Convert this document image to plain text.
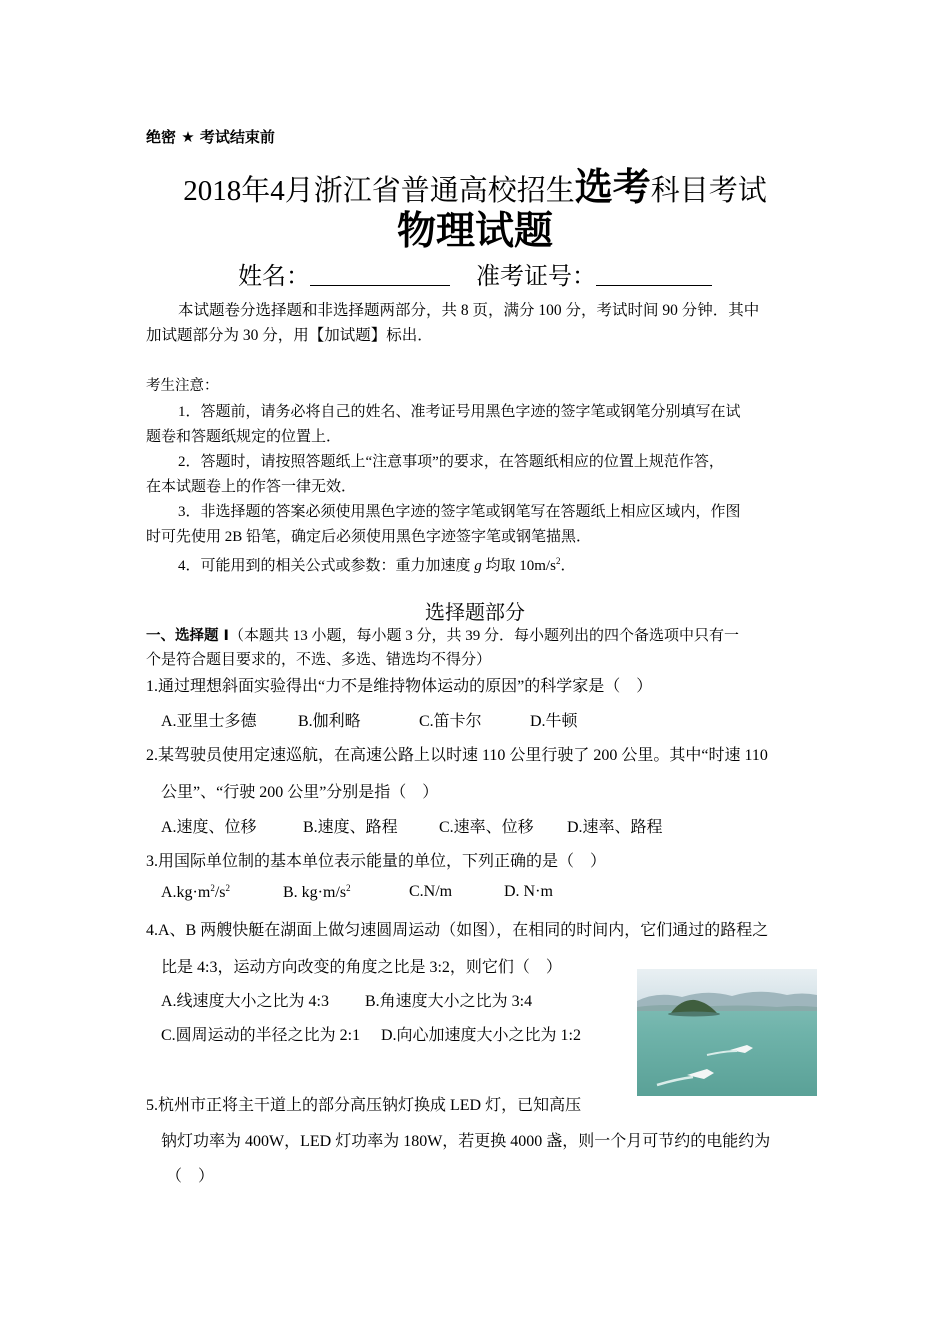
绝密 ★ 考试结束前
2018年4月浙江省普通高校招生选考科目考试
物理试题
姓名：	准考证号：
本试题卷分选择题和非选择题两部分，共 8 页，满分 100 分，考试时间 90 分钟．其中
加试题部分为 30 分，用【加试题】标出．
考生注意：
1．答题前，请务必将自己的姓名、准考证号用黑色字迹的签字笔或钢笔分别填写在试
题卷和答题纸规定的位置上．
2．答题时，请按照答题纸上“注意事项”的要求，在答题纸相应的位置上规范作答，
在本试题卷上的作答一律无效．
3．非选择题的答案必须使用黑色字迹的签字笔或钢笔写在答题纸上相应区域内，作图
时可先使用 2B 铅笔，确定后必须使用黑色字迹签字笔或钢笔描黑．
4．可能用到的相关公式或参数：重力加速度 g 均取 $10m/s^2$．
选择题部分
一、选择题 I（本题共 13 小题，每小题 3 分，共 39 分．每小题列出的四个备选项中只有一
个是符合题目要求的，不选、多选、错选均不得分）
1.通过理想斜面实验得出“力不是维持物体运动的原因”的科学家是（　）
A.亚里士多德	B.伽利略	C.笛卡尔	D.牛顿
2.某驾驶员使用定速巡航，在高速公路上以时速 110 公里行驶了 200 公里。其中“时速 110
公里”、“行驶 200 公里”分别是指（　）
A.速度、位移	B.速度、路程	C.速率、位移 D.速率、路程
3.用国际单位制的基本单位表示能量的单位，下列正确的是（　）
$A.kg\cdot m^2/s^2$	B. $kg\cdot m/s^2$	C.N/m	D. N·m
4.A、B 两艘快艇在湖面上做匀速圆周运动（如图），在相同的时间内，它们通过的路程之
比是 4:3，运动方向改变的角度之比是 3:2，则它们（　）
A.线速度大小之比为 4:3 B.角速度大小之比为 3:4
C.圆周运动的半径之比为 2:1 D.向心加速度大小之比为 1:2
5.杭州市正将主干道上的部分高压钠灯换成 LED 灯，已知高压
钠灯功率为 400W，LED 灯功率为 180W，若更换 4000 盏，则一个月可节约的电能约为
（　）
